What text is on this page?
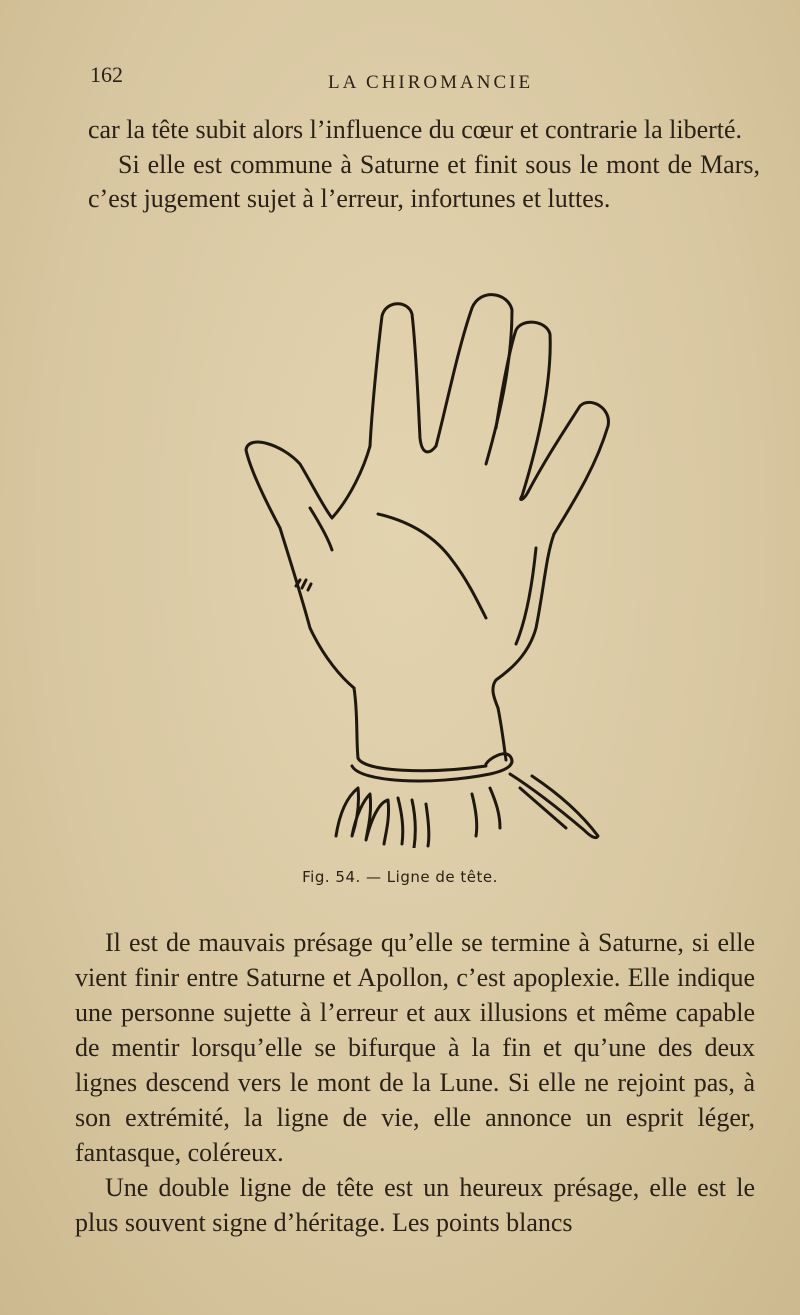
162	LA CHIROMANCIE

car la tête subit alors l’influence du cœur et contrarie la liberté.

Si elle est commune à Saturne et finit sous le mont de Mars, c’est jugement sujet à l’erreur, infortunes et luttes.

Fig. 54. — Ligne de tête.

Il est de mauvais présage qu’elle se termine à Saturne, si elle vient finir entre Saturne et Apollon, c’est apoplexie. Elle indique une personne sujette à l’erreur et aux illusions et même capable de mentir lorsqu’elle se bifurque à la fin et qu’une des deux lignes descend vers le mont de la Lune. Si elle ne rejoint pas, à son extrémité, la ligne de vie, elle annonce un esprit léger, fantasque, coléreux.

Une double ligne de tête est un heureux présage, elle est le plus souvent signe d’héritage. Les points blancs
